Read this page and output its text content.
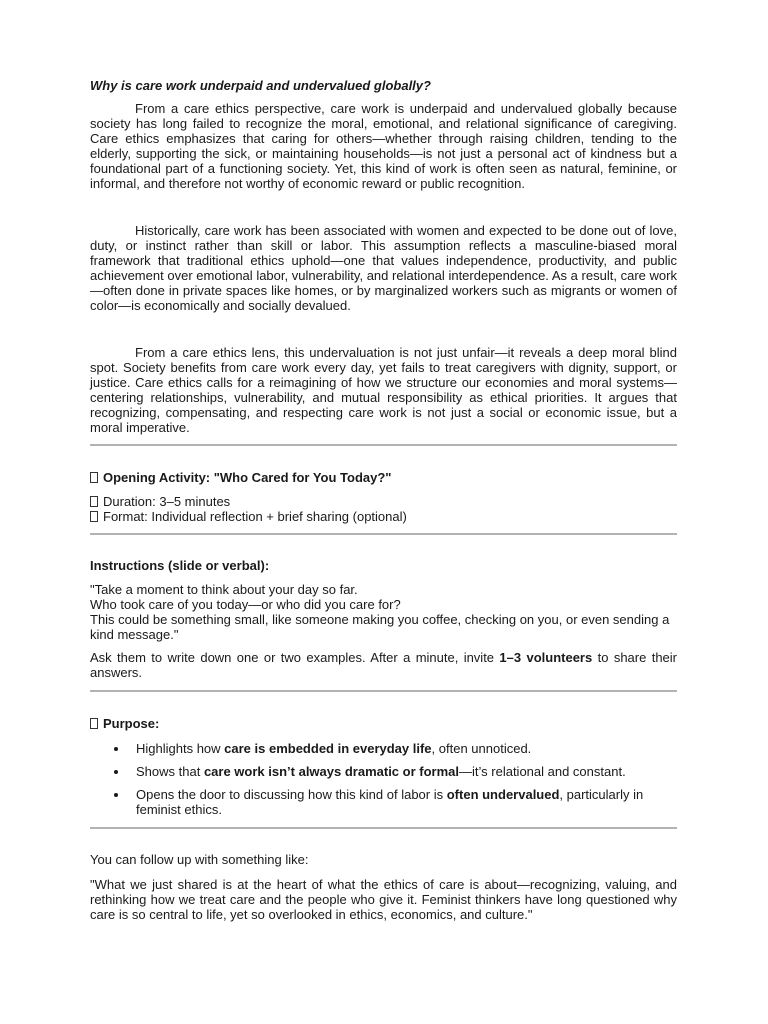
Why is care work underpaid and undervalued globally?

From a care ethics perspective, care work is underpaid and undervalued globally because society has long failed to recognize the moral, emotional, and relational significance of caregiving. Care ethics emphasizes that caring for others—whether through raising children, tending to the elderly, supporting the sick, or maintaining households—is not just a personal act of kindness but a foundational part of a functioning society. Yet, this kind of work is often seen as natural, feminine, or informal, and therefore not worthy of economic reward or public recognition.

Historically, care work has been associated with women and expected to be done out of love, duty, or instinct rather than skill or labor. This assumption reflects a masculine-biased moral framework that traditional ethics uphold—one that values independence, productivity, and public achievement over emotional labor, vulnerability, and relational interdependence. As a result, care work—often done in private spaces like homes, or by marginalized workers such as migrants or women of color—is economically and socially devalued.

From a care ethics lens, this undervaluation is not just unfair—it reveals a deep moral blind spot. Society benefits from care work every day, yet fails to treat caregivers with dignity, support, or justice. Care ethics calls for a reimagining of how we structure our economies and moral systems—centering relationships, vulnerability, and mutual responsibility as ethical priorities. It argues that recognizing, compensating, and respecting care work is not just a social or economic issue, but a moral imperative.

Opening Activity: "Who Cared for You Today?"

Duration: 3–5 minutes

Format: Individual reflection + brief sharing (optional)

Instructions (slide or verbal):

"Take a moment to think about your day so far.

Who took care of you today—or who did you care for?

This could be something small, like someone making you coffee, checking on you, or even sending a kind message."

Ask them to write down one or two examples. After a minute, invite 1–3 volunteers to share their answers.

Purpose:

Highlights how care is embedded in everyday life, often unnoticed.
Shows that care work isn’t always dramatic or formal—it’s relational and constant.
Opens the door to discussing how this kind of labor is often undervalued, particularly in feminist ethics.

You can follow up with something like:

"What we just shared is at the heart of what the ethics of care is about—recognizing, valuing, and rethinking how we treat care and the people who give it. Feminist thinkers have long questioned why care is so central to life, yet so overlooked in ethics, economics, and culture."
